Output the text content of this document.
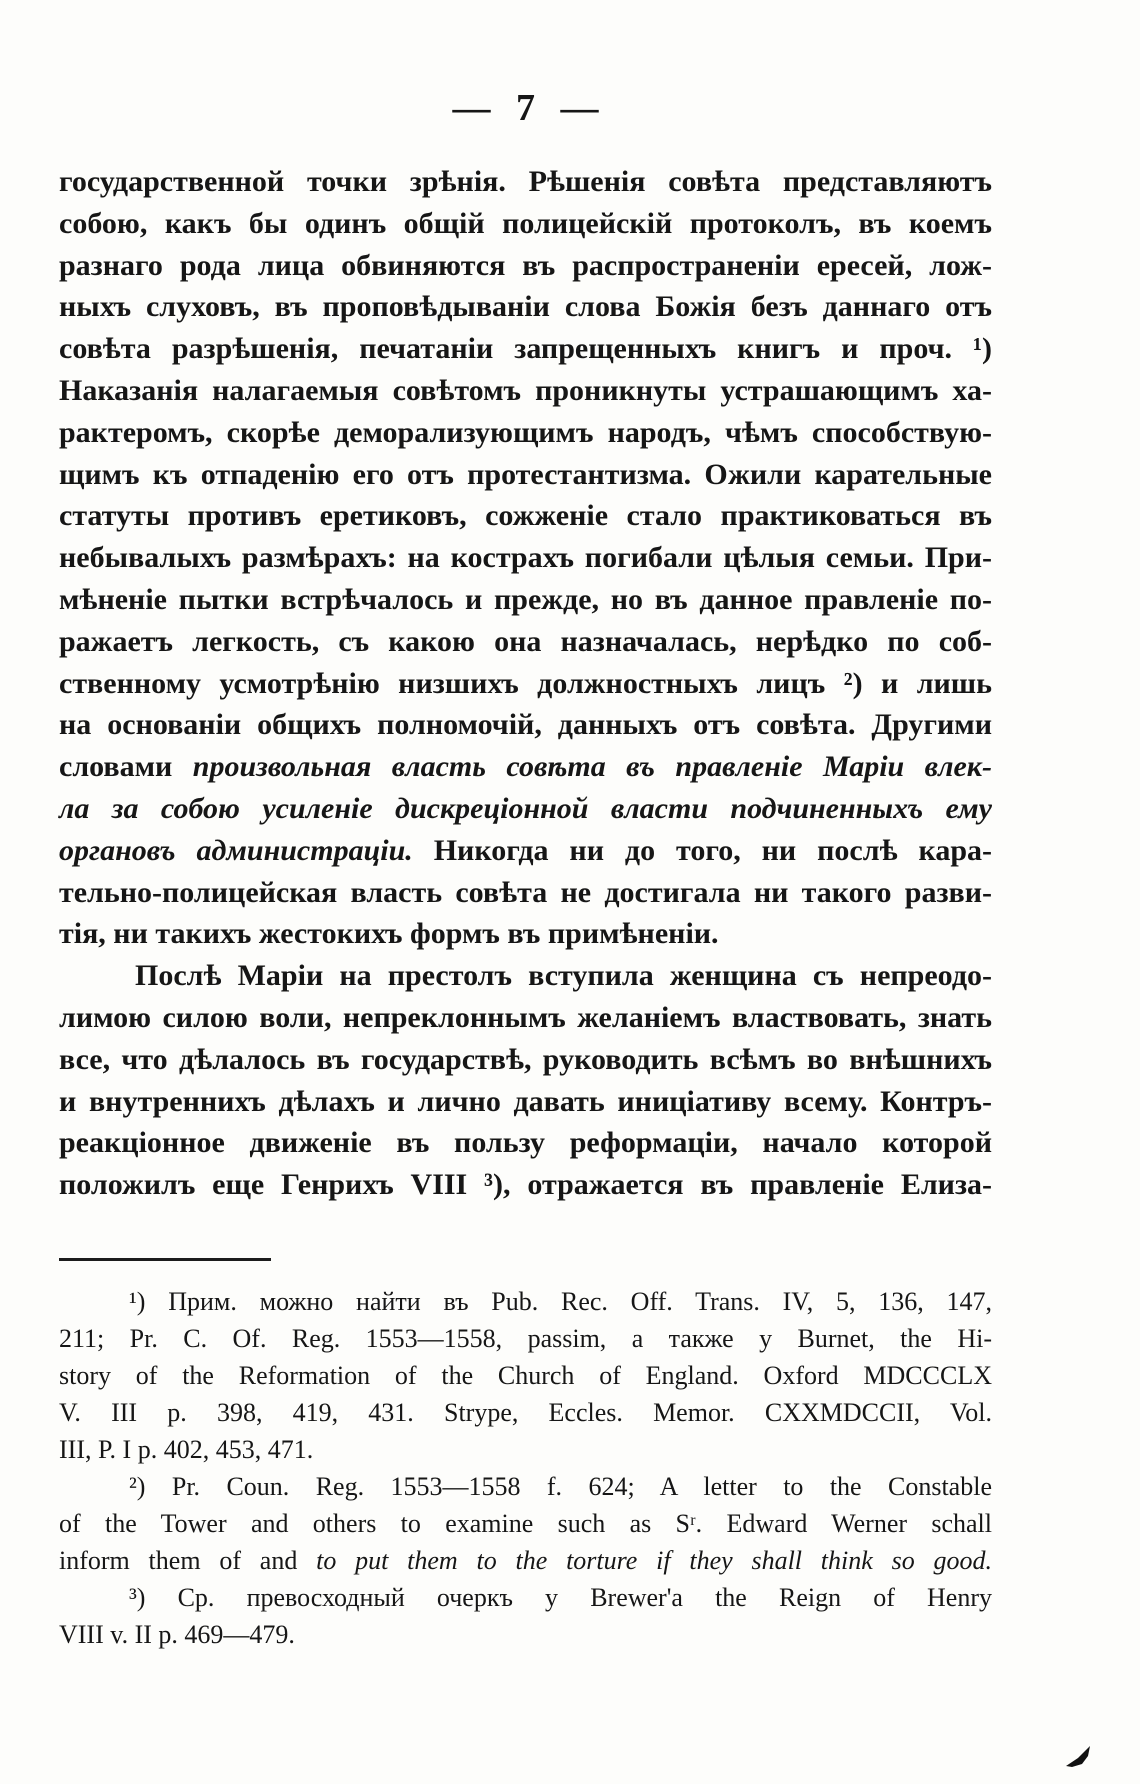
— 7 —
государственной точки зрѣнія. Рѣшенія совѣта представляютъ
собою, какъ бы одинъ общій полицейскій протоколъ, въ коемъ
разнаго рода лица обвиняются въ распространеніи ересей, лож-
ныхъ слуховъ, въ проповѣдываніи слова Божія безъ даннаго отъ
совѣта разрѣшенія, печатаніи запрещенныхъ книгъ и проч. ¹)
Наказанія налагаемыя совѣтомъ проникнуты устрашающимъ ха-
рактеромъ, скорѣе деморализующимъ народъ, чѣмъ способствую-
щимъ къ отпаденію его отъ протестантизма. Ожили карательные
статуты противъ еретиковъ, сожженіе стало практиковаться въ
небывалыхъ размѣрахъ: на кострахъ погибали цѣлыя семьи. При-
мѣненіе пытки встрѣчалось и прежде, но въ данное правленіе по-
ражаетъ легкость, съ какою она назначалась, нерѣдко по соб-
ственному усмотрѣнію низшихъ должностныхъ лицъ ²) и лишь
на основаніи общихъ полномочій, данныхъ отъ совѣта. Другими
словами произвольная власть совѣта въ правленіе Маріи влек-
ла за собою усиленіе дискреціонной власти подчиненныхъ ему
органовъ администраціи. Никогда ни до того, ни послѣ кара-
тельно-полицейская власть совѣта не достигала ни такого разви-
тія, ни такихъ жестокихъ формъ въ примѣненіи.
Послѣ Маріи на престолъ вступила женщина съ непреодо-
лимою силою воли, непреклоннымъ желаніемъ властвовать, знать
все, что дѣлалось въ государствѣ, руководить всѣмъ во внѣшнихъ
и внутреннихъ дѣлахъ и лично давать иниціативу всему. Контръ-
реакціонное движеніе въ пользу реформаціи, начало которой
положилъ еще Генрихъ VIII ³), отражается въ правленіе Елиза-
¹) Прим. можно найти въ Pub. Rec. Off. Trans. IV, 5, 136, 147,
211; Pr. C. Of. Reg. 1553—1558, passim, а также у Burnet, the Hi-
story of the Reformation of the Church of England. Oxford MDCCCLX
V. III p. 398, 419, 431. Strype, Eccles. Memor. CXXMDCCII, Vol.
III, P. I p. 402, 453, 471.
²) Pr. Coun. Reg. 1553—1558 f. 624; A letter to the Constable
of the Tower and others to examine such as Sʳ. Edward Werner schall
inform them of and to put them to the torture if they shall think so good.
³) Ср. превосходный очеркъ у Brewer'a the Reign of Henry
VIII v. II p. 469—479.
